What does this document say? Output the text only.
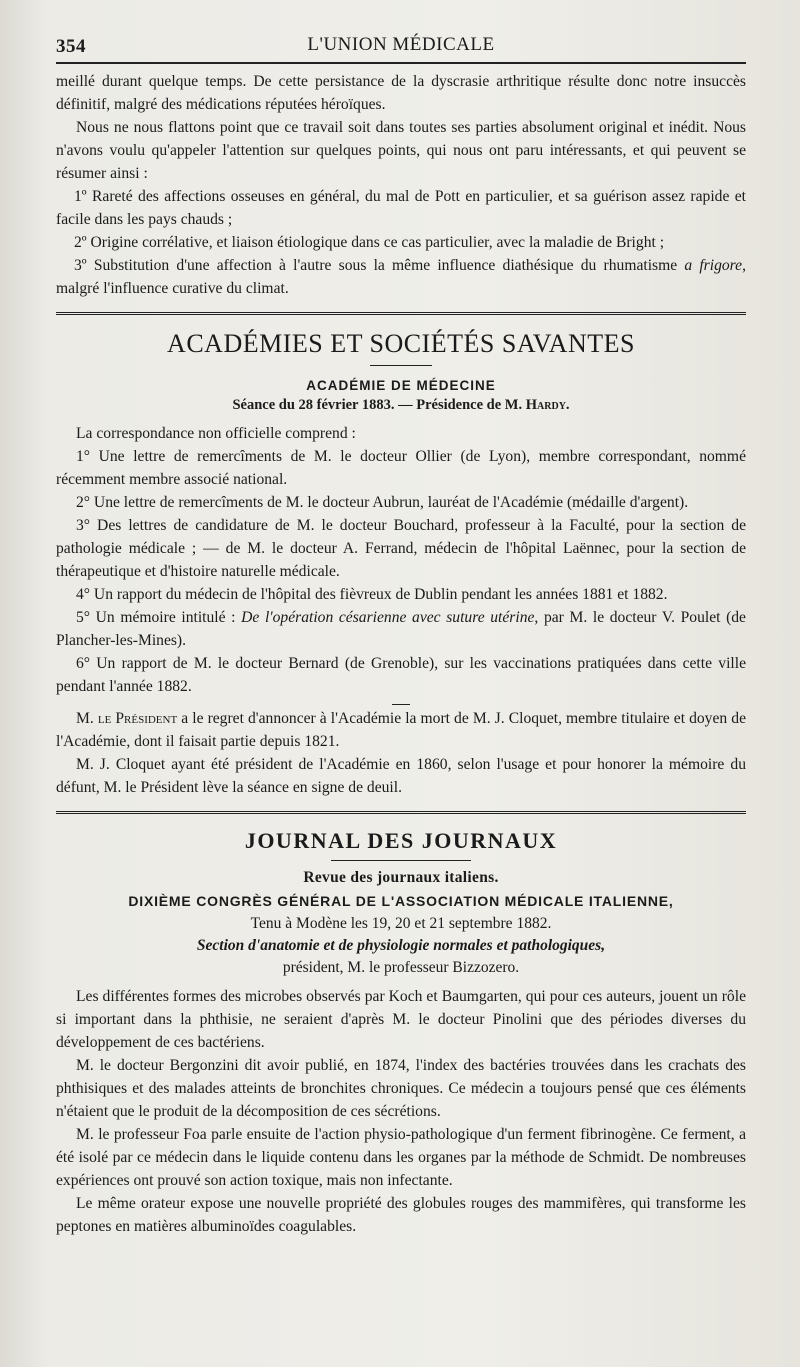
354	L'UNION MÉDICALE

meillé durant quelque temps. De cette persistance de la dyscrasie arthritique résulte donc notre insuccès définitif, malgré des médications réputées héroïques.

Nous ne nous flattons point que ce travail soit dans toutes ses parties absolument original et inédit. Nous n'avons voulu qu'appeler l'attention sur quelques points, qui nous ont paru intéressants, et qui peuvent se résumer ainsi :

1º Rareté des affections osseuses en général, du mal de Pott en particulier, et sa guérison assez rapide et facile dans les pays chauds ;

2º Origine corrélative, et liaison étiologique dans ce cas particulier, avec la maladie de Bright ;

3º Substitution d'une affection à l'autre sous la même influence diathésique du rhumatisme a frigore, malgré l'influence curative du climat.

ACADÉMIES ET SOCIÉTÉS SAVANTES
ACADÉMIE DE MÉDECINE
Séance du 28 février 1883. — Présidence de M. Hardy.

La correspondance non officielle comprend :

1° Une lettre de remercîments de M. le docteur Ollier (de Lyon), membre correspondant, nommé récemment membre associé national.

2° Une lettre de remercîments de M. le docteur Aubrun, lauréat de l'Académie (médaille d'argent).

3° Des lettres de candidature de M. le docteur Bouchard, professeur à la Faculté, pour la section de pathologie médicale ; — de M. le docteur A. Ferrand, médecin de l'hôpital Laënnec, pour la section de thérapeutique et d'histoire naturelle médicale.

4° Un rapport du médecin de l'hôpital des fièvreux de Dublin pendant les années 1881 et 1882.

5° Un mémoire intitulé : De l'opération césarienne avec suture utérine, par M. le docteur V. Poulet (de Plancher-les-Mines).

6° Un rapport de M. le docteur Bernard (de Grenoble), sur les vaccinations pratiquées dans cette ville pendant l'année 1882.

M. le Président a le regret d'annoncer à l'Académie la mort de M. J. Cloquet, membre titulaire et doyen de l'Académie, dont il faisait partie depuis 1821.

M. J. Cloquet ayant été président de l'Académie en 1860, selon l'usage et pour honorer la mémoire du défunt, M. le Président lève la séance en signe de deuil.

JOURNAL DES JOURNAUX
Revue des journaux italiens.
DIXIÈME CONGRÈS GÉNÉRAL DE L'ASSOCIATION MÉDICALE ITALIENNE,
Tenu à Modène les 19, 20 et 21 septembre 1882.
Section d'anatomie et de physiologie normales et pathologiques,
président, M. le professeur Bizzozero.

Les différentes formes des microbes observés par Koch et Baumgarten, qui pour ces auteurs, jouent un rôle si important dans la phthisie, ne seraient d'après M. le docteur Pinolini que des périodes diverses du développement de ces bactériens.

M. le docteur Bergonzini dit avoir publié, en 1874, l'index des bactéries trouvées dans les crachats des phthisiques et des malades atteints de bronchites chroniques. Ce médecin a toujours pensé que ces éléments n'étaient que le produit de la décomposition de ces sécrétions.

M. le professeur Foa parle ensuite de l'action physio-pathologique d'un ferment fibrinogène. Ce ferment, a été isolé par ce médecin dans le liquide contenu dans les organes par la méthode de Schmidt. De nombreuses expériences ont prouvé son action toxique, mais non infectante.

Le même orateur expose une nouvelle propriété des globules rouges des mammifères, qui transforme les peptones en matières albuminoïdes coagulables.
